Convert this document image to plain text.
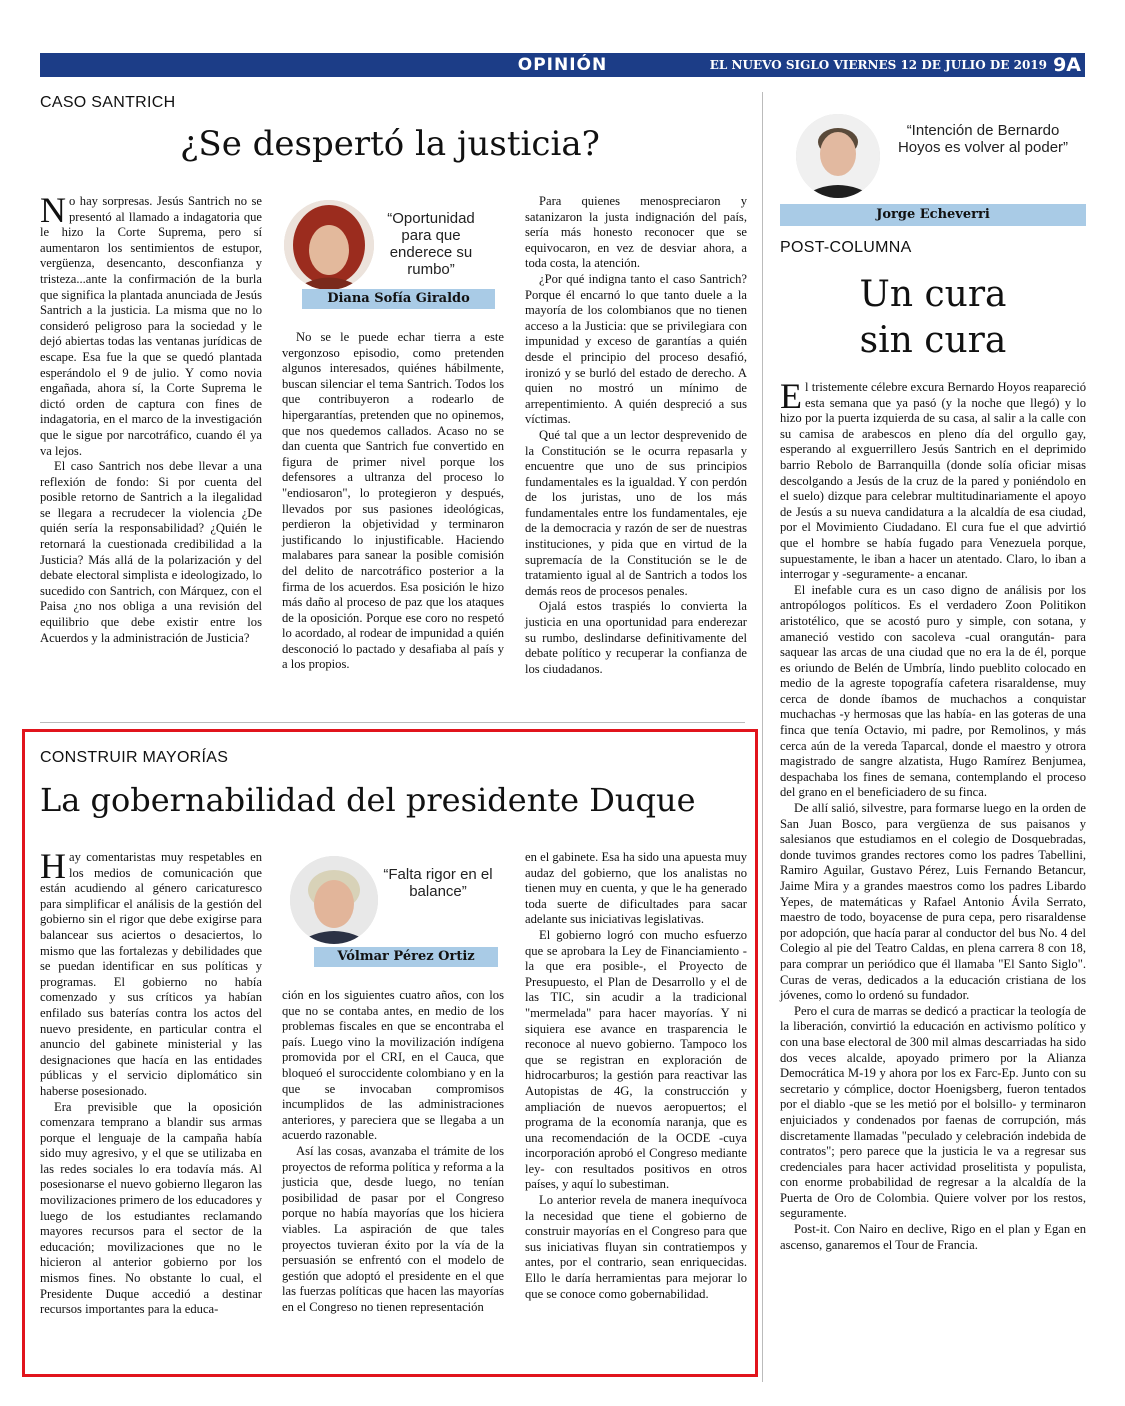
OPINIÓN	EL NUEVO SIGLO VIERNES 12 DE JULIO DE 2019 9A
CASO SANTRICH
¿Se despertó la justicia?

No hay sorpresas. Jesús Santrich no se presentó al llamado a indagatoria que le hizo la Corte Suprema, pero sí aumentaron los sentimientos de estupor, vergüenza, desencanto, desconfianza y tristeza...ante la confirmación de la burla que significa la plantada anunciada de Jesús Santrich a la justicia. La misma que no lo consideró peligroso para la sociedad y le dejó abiertas todas las ventanas jurídicas de escape. Esa fue la que se quedó plantada esperándolo el 9 de julio. Y como novia engañada, ahora sí, la Corte Suprema le dictó orden de captura con fines de indagatoria, en el marco de la investigación que le sigue por narcotráfico, cuando él ya va lejos.

El caso Santrich nos debe llevar a una reflexión de fondo: Si por cuenta del posible retorno de Santrich a la ilegalidad se llegara a recrudecer la violencia ¿De quién sería la responsabilidad? ¿Quién le retornará la cuestionada credibilidad a la Justicia? Más allá de la polarización y del debate electoral simplista e ideologizado, lo sucedido con Santrich, con Márquez, con el Paisa ¿no nos obliga a una revisión del equilibrio que debe existir entre los Acuerdos y la administración de Justicia?

“Oportunidad para que enderece su rumbo”
Diana Sofía Giraldo

No se le puede echar tierra a este vergonzoso episodio, como pretenden algunos interesados, quiénes hábilmente, buscan silenciar el tema Santrich. Todos los que contribuyeron a rodearlo de hipergarantías, pretenden que no opinemos, que nos quedemos callados. Acaso no se dan cuenta que Santrich fue convertido en figura de primer nivel porque los defensores a ultranza del proceso lo "endiosaron", lo protegieron y después, llevados por sus pasiones ideológicas, perdieron la objetividad y terminaron justificando lo injustificable. Haciendo malabares para sanear la posible comisión del delito de narcotráfico posterior a la firma de los acuerdos. Esa posición le hizo más daño al proceso de paz que los ataques de la oposición. Porque ese coro no respetó lo acordado, al rodear de impunidad a quién desconoció lo pactado y desafiaba al país y a los propios.

Para quienes menospreciaron y satanizaron la justa indignación del país, sería más honesto reconocer que se equivocaron, en vez de desviar ahora, a toda costa, la atención.

¿Por qué indigna tanto el caso Santrich? Porque él encarnó lo que tanto duele a la mayoría de los colombianos que no tienen acceso a la Justicia: que se privilegiara con impunidad y exceso de garantías a quién desde el principio del proceso desafió, ironizó y se burló del estado de derecho. A quien no mostró un mínimo de arrepentimiento. A quién despreció a sus víctimas.

Qué tal que a un lector desprevenido de la Constitución se le ocurra repasarla y encuentre que uno de sus principios fundamentales es la igualdad. Y con perdón de los juristas, uno de los más fundamentales entre los fundamentales, eje de la democracia y razón de ser de nuestras instituciones, y pida que en virtud de la supremacía de la Constitución se le de tratamiento igual al de Santrich a todos los demás reos de procesos penales.

Ojalá estos traspiés lo convierta la justicia en una oportunidad para enderezar su rumbo, deslindarse definitivamente del debate político y recuperar la confianza de los ciudadanos.

CONSTRUIR MAYORÍAS
La gobernabilidad del presidente Duque

Hay comentaristas muy respetables en los medios de comunicación que están acudiendo al género caricaturesco para simplificar el análisis de la gestión del gobierno sin el rigor que debe exigirse para balancear sus aciertos o desaciertos, lo mismo que las fortalezas y debilidades que se puedan identificar en sus políticas y programas. El gobierno no había comenzado y sus críticos ya habían enfilado sus baterías contra los actos del nuevo presidente, en particular contra el anuncio del gabinete ministerial y las designaciones que hacía en las entidades públicas y el servicio diplomático sin haberse posesionado.

Era previsible que la oposición comenzara temprano a blandir sus armas porque el lenguaje de la campaña había sido muy agresivo, y el que se utilizaba en las redes sociales lo era todavía más. Al posesionarse el nuevo gobierno llegaron las movilizaciones primero de los educadores y luego de los estudiantes reclamando mayores recursos para el sector de la educación; movilizaciones que no le hicieron al anterior gobierno por los mismos fines. No obstante lo cual, el Presidente Duque accedió a destinar recursos importantes para la educa-

“Falta rigor en el balance”
Vólmar Pérez Ortiz

ción en los siguientes cuatro años, con los que no se contaba antes, en medio de los problemas fiscales en que se encontraba el país. Luego vino la movilización indígena promovida por el CRI, en el Cauca, que bloqueó el suroccidente colombiano y en la que se invocaban compromisos incumplidos de las administraciones anteriores, y pareciera que se llegaba a un acuerdo razonable.

Así las cosas, avanzaba el trámite de los proyectos de reforma política y reforma a la justicia que, desde luego, no tenían posibilidad de pasar por el Congreso porque no había mayorías que los hiciera viables. La aspiración de que tales proyectos tuvieran éxito por la vía de la persuasión se enfrentó con el modelo de gestión que adoptó el presidente en el que las fuerzas políticas que hacen las mayorías en el Congreso no tienen representación

en el gabinete. Esa ha sido una apuesta muy audaz del gobierno, que los analistas no tienen muy en cuenta, y que le ha generado toda suerte de dificultades para sacar adelante sus iniciativas legislativas.

El gobierno logró con mucho esfuerzo que se aprobara la Ley de Financiamiento - la que era posible-, el Proyecto de Presupuesto, el Plan de Desarrollo y el de las TIC, sin acudir a la tradicional "mermelada" para hacer mayorías. Y ni siquiera ese avance en trasparencia le reconoce al nuevo gobierno. Tampoco los que se registran en exploración de hidrocarburos; la gestión para reactivar las Autopistas de 4G, la construcción y ampliación de nuevos aeropuertos; el programa de la economía naranja, que es una recomendación de la OCDE -cuya incorporación aprobó el Congreso mediante ley- con resultados positivos en otros países, y aquí lo subestiman.

Lo anterior revela de manera inequívoca la necesidad que tiene el gobierno de construir mayorías en el Congreso para que sus iniciativas fluyan sin contratiempos y antes, por el contrario, sean enriquecidas. Ello le daría herramientas para mejorar lo que se conoce como gobernabilidad.

“Intención de Bernardo Hoyos es volver al poder”
Jorge Echeverri
POST-COLUMNA
Un cura
sin cura

El tristemente célebre excura Bernardo Hoyos reapareció esta semana que ya pasó (y la noche que llegó) y lo hizo por la puerta izquierda de su casa, al salir a la calle con su camisa de arabescos en pleno día del orgullo gay, esperando al exguerrillero Jesús Santrich en el deprimido barrio Rebolo de Barranquilla (donde solía oficiar misas descolgando a Jesús de la cruz de la pared y poniéndolo en el suelo) dizque para celebrar multitudinariamente el apoyo de Jesús a su nueva candidatura a la alcaldía de esa ciudad, por el Movimiento Ciudadano. El cura fue el que advirtió que el hombre se había fugado para Venezuela porque, supuestamente, le iban a hacer un atentado. Claro, lo iban a interrogar y -seguramente- a encanar.

El inefable cura es un caso digno de análisis por los antropólogos políticos. Es el verdadero Zoon Politikon aristotélico, que se acostó puro y simple, con sotana, y amaneció vestido con sacoleva -cual orangután- para saquear las arcas de una ciudad que no era la de él, porque es oriundo de Belén de Umbría, lindo pueblito colocado en medio de la agreste topografía cafetera risaraldense, muy cerca de donde íbamos de muchachos a conquistar muchachas -y hermosas que las había- en las goteras de una finca que tenía Octavio, mi padre, por Remolinos, y más cerca aún de la vereda Taparcal, donde el maestro y otrora magistrado de sangre alzatista, Hugo Ramírez Benjumea, despachaba los fines de semana, contemplando el proceso del grano en el beneficiadero de su finca.

De allí salió, silvestre, para formarse luego en la orden de San Juan Bosco, para vergüenza de sus paisanos y salesianos que estudiamos en el colegio de Dosquebradas, donde tuvimos grandes rectores como los padres Tabellini, Ramiro Aguilar, Gustavo Pérez, Luis Fernando Betancur, Jaime Mira y a grandes maestros como los padres Libardo Yepes, de matemáticas y Rafael Antonio Ávila Serrato, maestro de todo, boyacense de pura cepa, pero risaraldense por adopción, que hacía parar al conductor del bus No. 4 del Colegio al pie del Teatro Caldas, en plena carrera 8 con 18, para comprar un periódico que él llamaba "El Santo Siglo". Curas de veras, dedicados a la educación cristiana de los jóvenes, como lo ordenó su fundador.

Pero el cura de marras se dedicó a practicar la teología de la liberación, convirtió la educación en activismo político y con una base electoral de 300 mil almas descarriadas ha sido dos veces alcalde, apoyado primero por la Alianza Democrática M-19 y ahora por los ex Farc-Ep. Junto con su secretario y cómplice, doctor Hoenigsberg, fueron tentados por el diablo -que se les metió por el bolsillo- y terminaron enjuiciados y condenados por faenas de corrupción, más discretamente llamadas "peculado y celebración indebida de contratos"; pero parece que la justicia le va a regresar sus credenciales para hacer actividad proselitista y populista, con enorme probabilidad de regresar a la alcaldía de la Puerta de Oro de Colombia. Quiere volver por los restos, seguramente.

Post-it. Con Nairo en declive, Rigo en el plan y Egan en ascenso, ganaremos el Tour de Francia.
